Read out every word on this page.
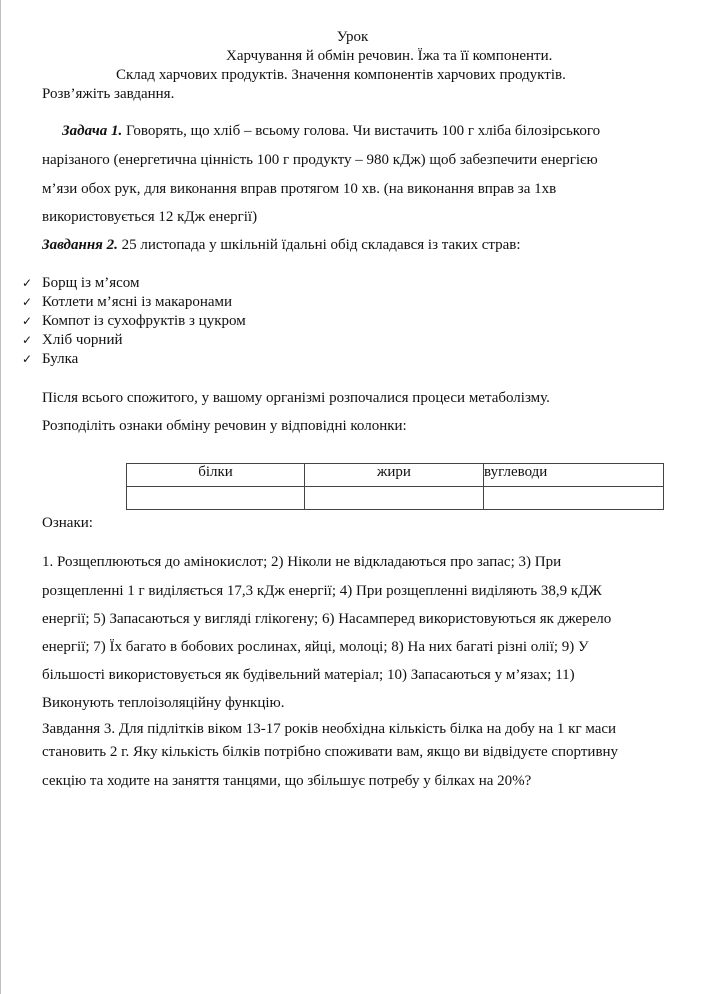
Урок
Харчування й обмін речовин. Їжа та її компоненти.
Склад харчових продуктів. Значення компонентів харчових продуктів.
Розв’яжіть завдання.
Задача 1. Говорять, що хліб – всьому голова. Чи вистачить 100 г хліба білозірського
нарізаного (енергетична цінність 100 г продукту – 980 кДж) щоб забезпечити енергією
м’язи обох рук, для виконання вправ протягом 10 хв. (на виконання вправ за 1хв
використовується 12 кДж енергії)
Завдання 2. 25 листопада у шкільній їдальні обід складався із таких страв:
✓ Борщ із м’ясом
✓ Котлети м’ясні із макаронами
✓ Компот із сухофруктів з цукром
✓ Хліб чорний
✓ Булка
Після всього спожитого, у вашому організмі розпочалися процеси метаболізму.
Розподіліть ознаки обміну речовин у відповідні колонки:
білки	жири	вуглеводи

Ознаки:
1. Розщеплюються до амінокислот; 2) Ніколи не відкладаються про запас; 3) При
розщепленні 1 г виділяється 17,3 кДж енергії; 4) При розщепленні виділяють 38,9 кДЖ
енергії; 5) Запасаються у вигляді глікогену; 6) Насамперед використовуються як джерело
енергії; 7) Їх багато в бобових рослинах, яйці, молоці; 8) На них багаті різні олії; 9) У
більшості використовується як будівельний матеріал; 10) Запасаються у м’язах; 11)
Виконують теплоізоляційну функцію.
Завдання 3. Для підлітків віком 13-17 років необхідна кількість білка на добу на 1 кг маси
становить 2 г. Яку кількість білків потрібно споживати вам, якщо ви відвідуєте спортивну
секцію та ходите на заняття танцями, що збільшує потребу у білках на 20%?
